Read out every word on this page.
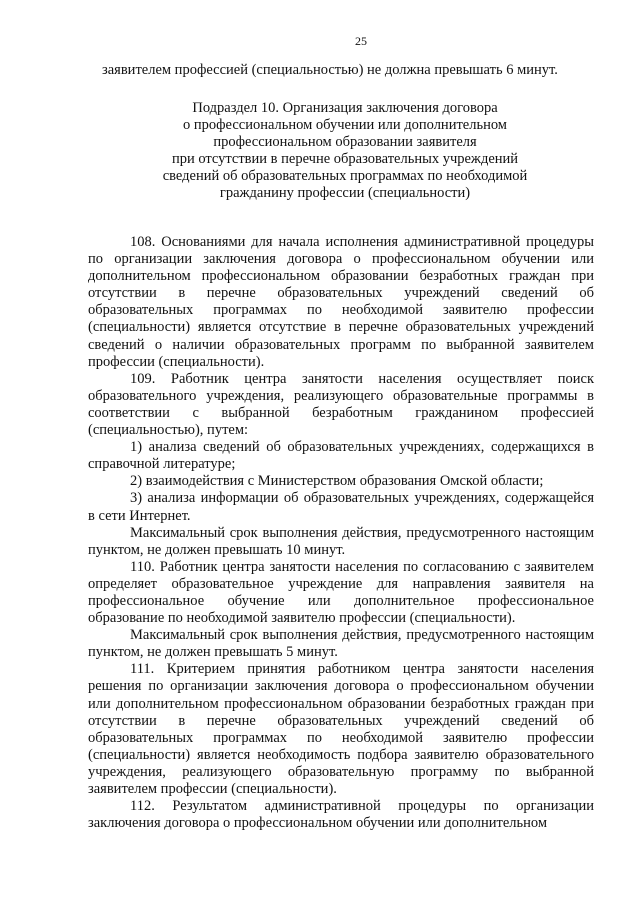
25
заявителем профессией (специальностью) не должна превышать 6 минут.
Подраздел 10. Организация заключения договора
о профессиональном обучении или дополнительном
профессиональном образовании заявителя
при отсутствии в перечне образовательных учреждений
сведений об образовательных программах по необходимой
гражданину профессии (специальности)

108. Основаниями для начала исполнения административной процедуры по организации заключения договора о профессиональном обучении или дополнительном профессиональном образовании безработных граждан при отсутствии в перечне образовательных учреждений сведений об образовательных программах по необходимой заявителю профессии (специальности) является отсутствие в перечне образовательных учреждений сведений о наличии образовательных программ по выбранной заявителем профессии (специальности).

109. Работник центра занятости населения осуществляет поиск образовательного учреждения, реализующего образовательные программы в соответствии с выбранной безработным гражданином профессией (специальностью), путем:

1) анализа сведений об образовательных учреждениях, содержащихся в справочной литературе;

2) взаимодействия с Министерством образования Омской области;

3) анализа информации об образовательных учреждениях, содержащейся в сети Интернет.

Максимальный срок выполнения действия, предусмотренного настоящим пунктом, не должен превышать 10 минут.

110. Работник центра занятости населения по согласованию с заявителем определяет образовательное учреждение для направления заявителя на профессиональное обучение или дополнительное профессиональное образование по необходимой заявителю профессии (специальности).

Максимальный срок выполнения действия, предусмотренного настоящим пунктом, не должен превышать 5 минут.

111. Критерием принятия работником центра занятости населения решения по организации заключения договора о профессиональном обучении или дополнительном профессиональном образовании безработных граждан при отсутствии в перечне образовательных учреждений сведений об образовательных программах по необходимой заявителю профессии (специальности) является необходимость подбора заявителю образовательного учреждения, реализующего образовательную программу по выбранной заявителем профессии (специальности).

112. Результатом административной процедуры по организации заключения договора о профессиональном обучении или дополнительном
